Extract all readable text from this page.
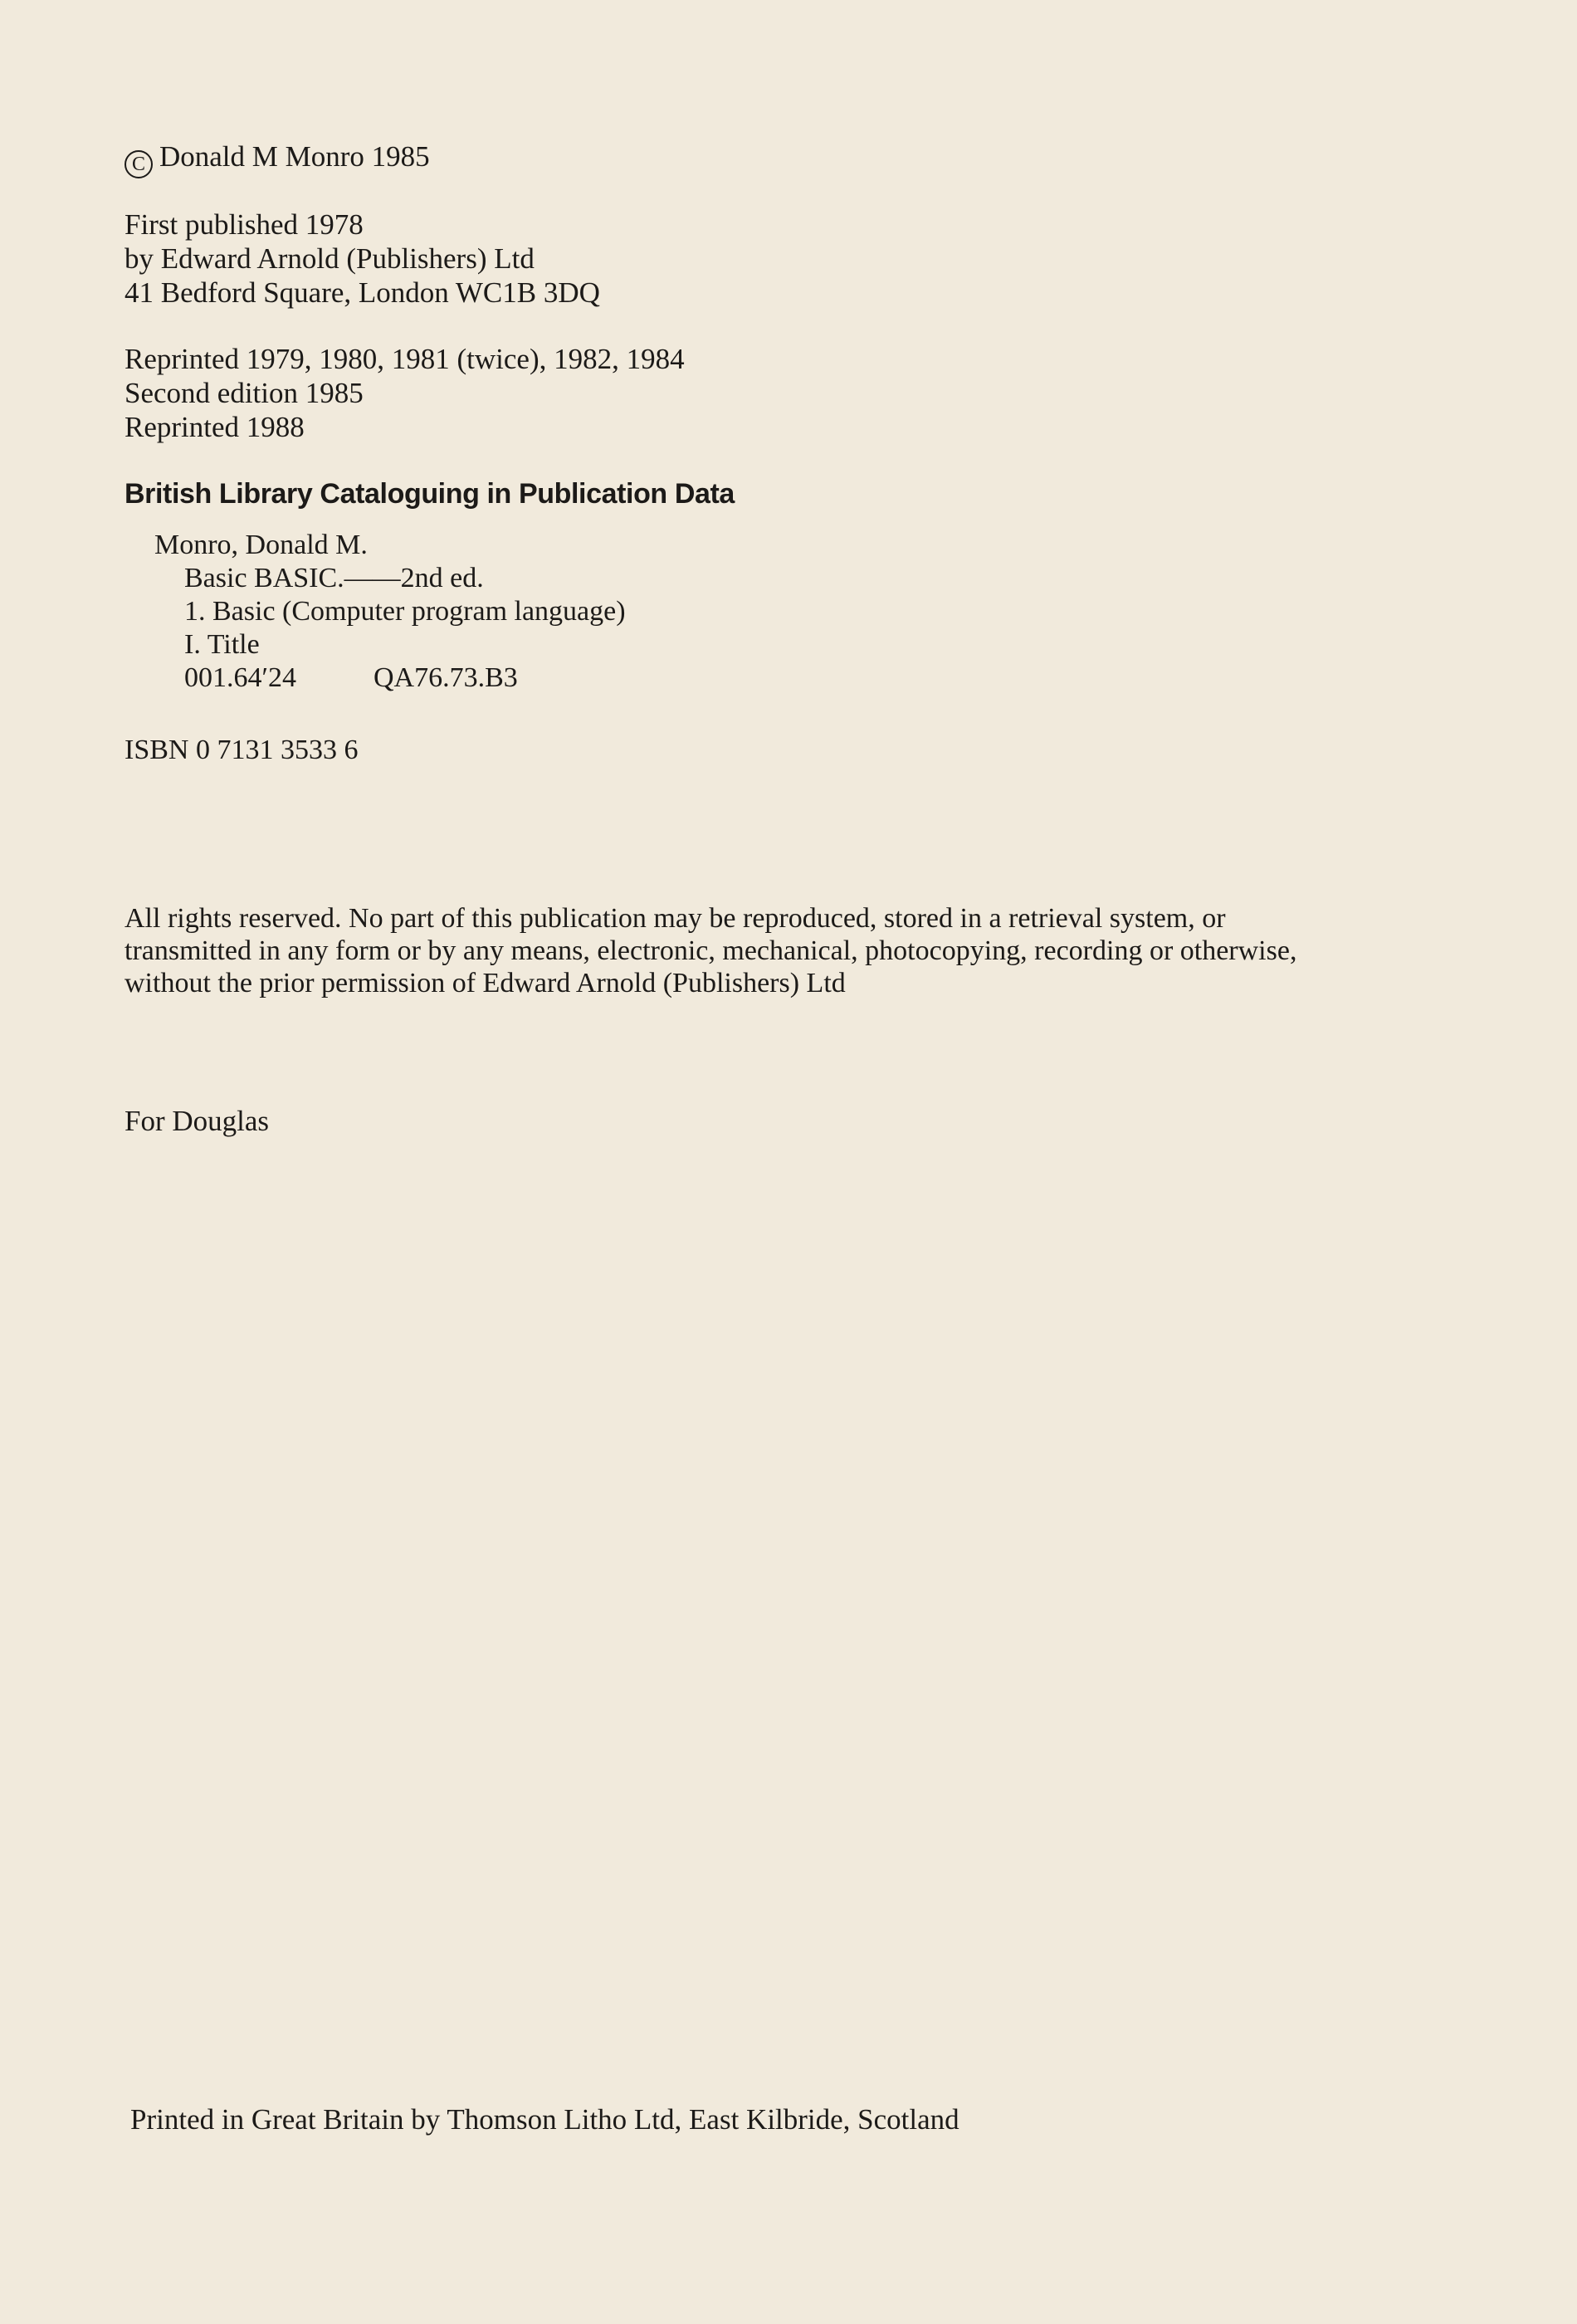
C Donald M Monro 1985
First published 1978
by Edward Arnold (Publishers) Ltd
41 Bedford Square, London WC1B 3DQ
Reprinted 1979, 1980, 1981 (twice), 1982, 1984
Second edition 1985
Reprinted 1988
British Library Cataloguing in Publication Data
Monro, Donald M.
Basic BASIC.——2nd ed.
1. Basic (Computer program language)
I. Title
001.64′24	QA76.73.B3
ISBN 0 7131 3533 6
All rights reserved. No part of this publication may be reproduced, stored in a retrieval system, or
transmitted in any form or by any means, electronic, mechanical, photocopying, recording or otherwise,
without the prior permission of Edward Arnold (Publishers) Ltd
For Douglas
Printed in Great Britain by Thomson Litho Ltd, East Kilbride, Scotland
